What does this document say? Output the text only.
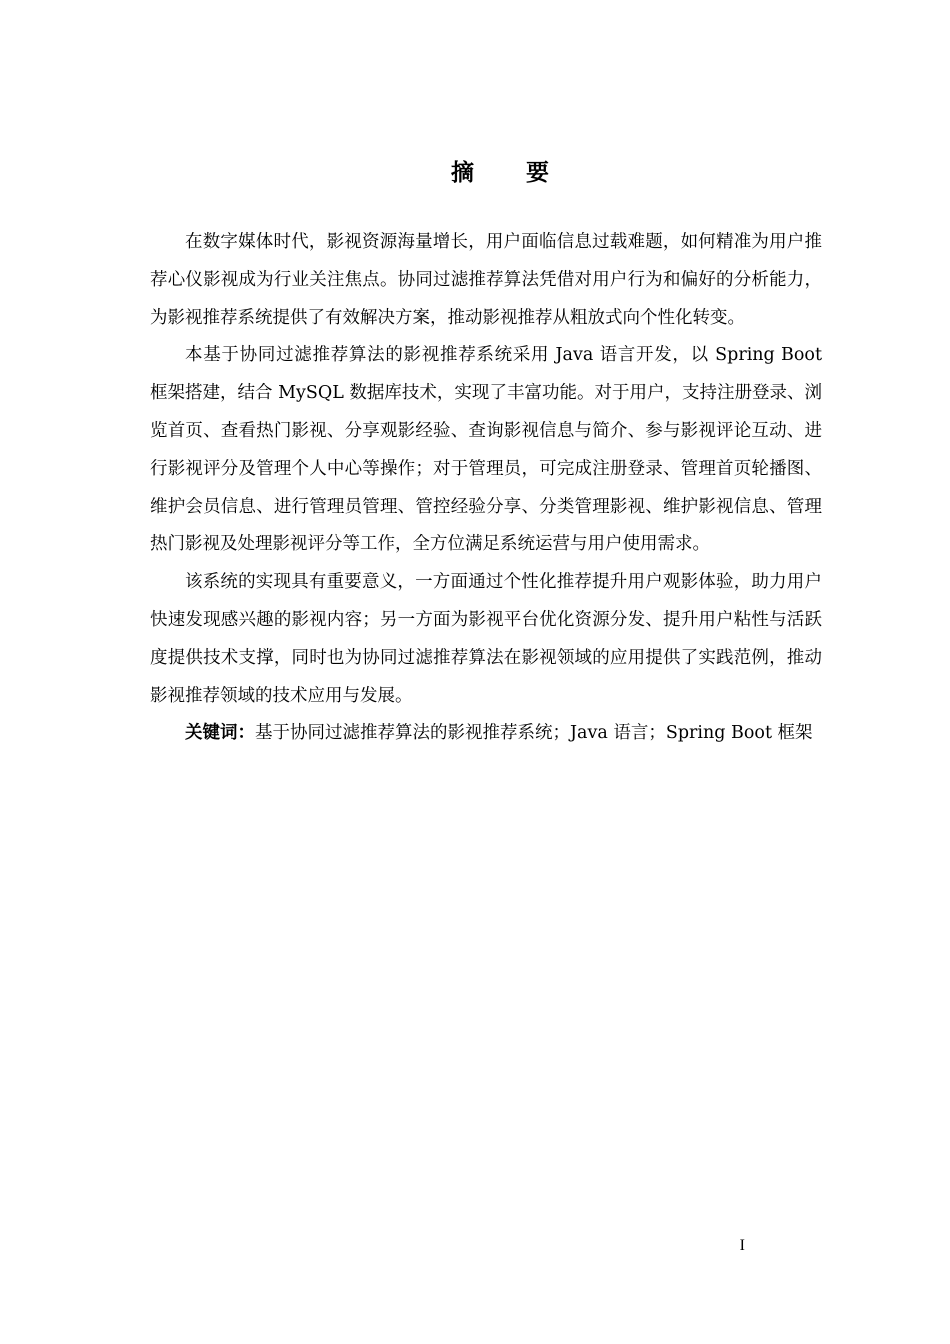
摘 要

在数字媒体时代，影视资源海量增长，用户面临信息过载难题，如何精准为用户推荐心仪影视成为行业关注焦点。协同过滤推荐算法凭借对用户行为和偏好的分析能力，为影视推荐系统提供了有效解决方案，推动影视推荐从粗放式向个性化转变。

本基于协同过滤推荐算法的影视推荐系统采用 Java 语言开发，以 Spring Boot 框架搭建，结合 MySQL 数据库技术，实现了丰富功能。对于用户，支持注册登录、浏览首页、查看热门影视、分享观影经验、查询影视信息与简介、参与影视评论互动、进行影视评分及管理个人中心等操作；对于管理员，可完成注册登录、管理首页轮播图、维护会员信息、进行管理员管理、管控经验分享、分类管理影视、维护影视信息、管理热门影视及处理影视评分等工作，全方位满足系统运营与用户使用需求。

该系统的实现具有重要意义，一方面通过个性化推荐提升用户观影体验，助力用户快速发现感兴趣的影视内容；另一方面为影视平台优化资源分发、提升用户粘性与活跃度提供技术支撑，同时也为协同过滤推荐算法在影视领域的应用提供了实践范例，推动影视推荐领域的技术应用与发展。

关键词：基于协同过滤推荐算法的影视推荐系统；Java 语言；Spring Boot 框架

I
